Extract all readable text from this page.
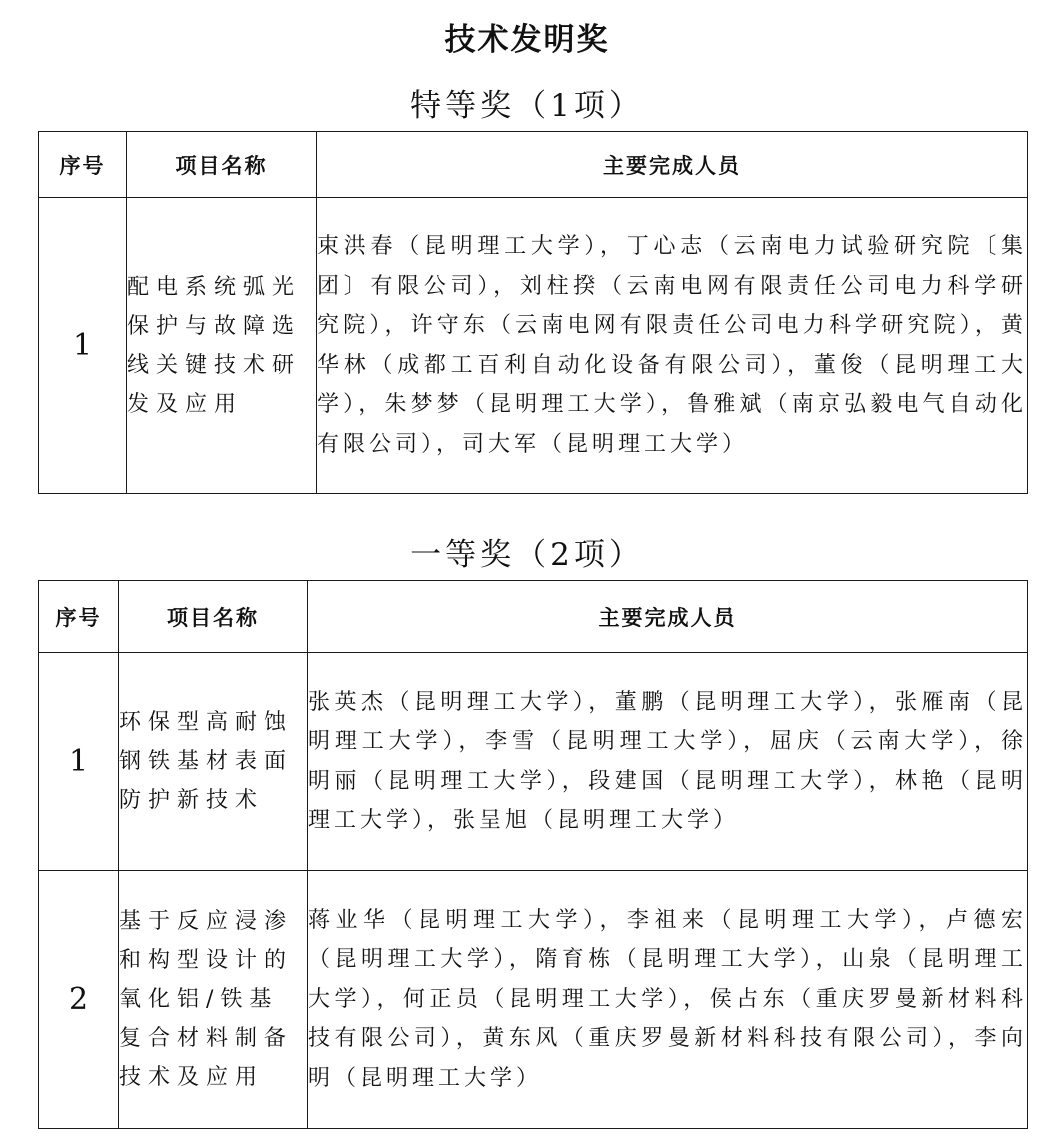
技术发明奖
特等奖（1项）
序号	项目名称	主要完成人员
1	配电系统弧光保护与故障选线关键技术研发及应用	束洪春（昆明理工大学），丁心志（云南电力试验研究院〔集团〕有限公司），刘柱揆（云南电网有限责任公司电力科学研究院），许守东（云南电网有限责任公司电力科学研究院），黄华林（成都工百利自动化设备有限公司），董俊（昆明理工大学），朱梦梦（昆明理工大学），鲁雅斌（南京弘毅电气自动化有限公司），司大军（昆明理工大学）
一等奖（2项）
序号	项目名称	主要完成人员
1	环保型高耐蚀钢铁基材表面防护新技术	张英杰（昆明理工大学），董鹏（昆明理工大学），张雁南（昆明理工大学），李雪（昆明理工大学），屈庆（云南大学），徐明丽（昆明理工大学），段建国（昆明理工大学），林艳（昆明理工大学），张呈旭（昆明理工大学）
2	基于反应浸渗和构型设计的氧化铝/铁基复合材料制备技术及应用	蒋业华（昆明理工大学），李祖来（昆明理工大学），卢德宏（昆明理工大学），隋育栋（昆明理工大学），山泉（昆明理工大学），何正员（昆明理工大学），侯占东（重庆罗曼新材料科技有限公司），黄东风（重庆罗曼新材料科技有限公司），李向明（昆明理工大学）
